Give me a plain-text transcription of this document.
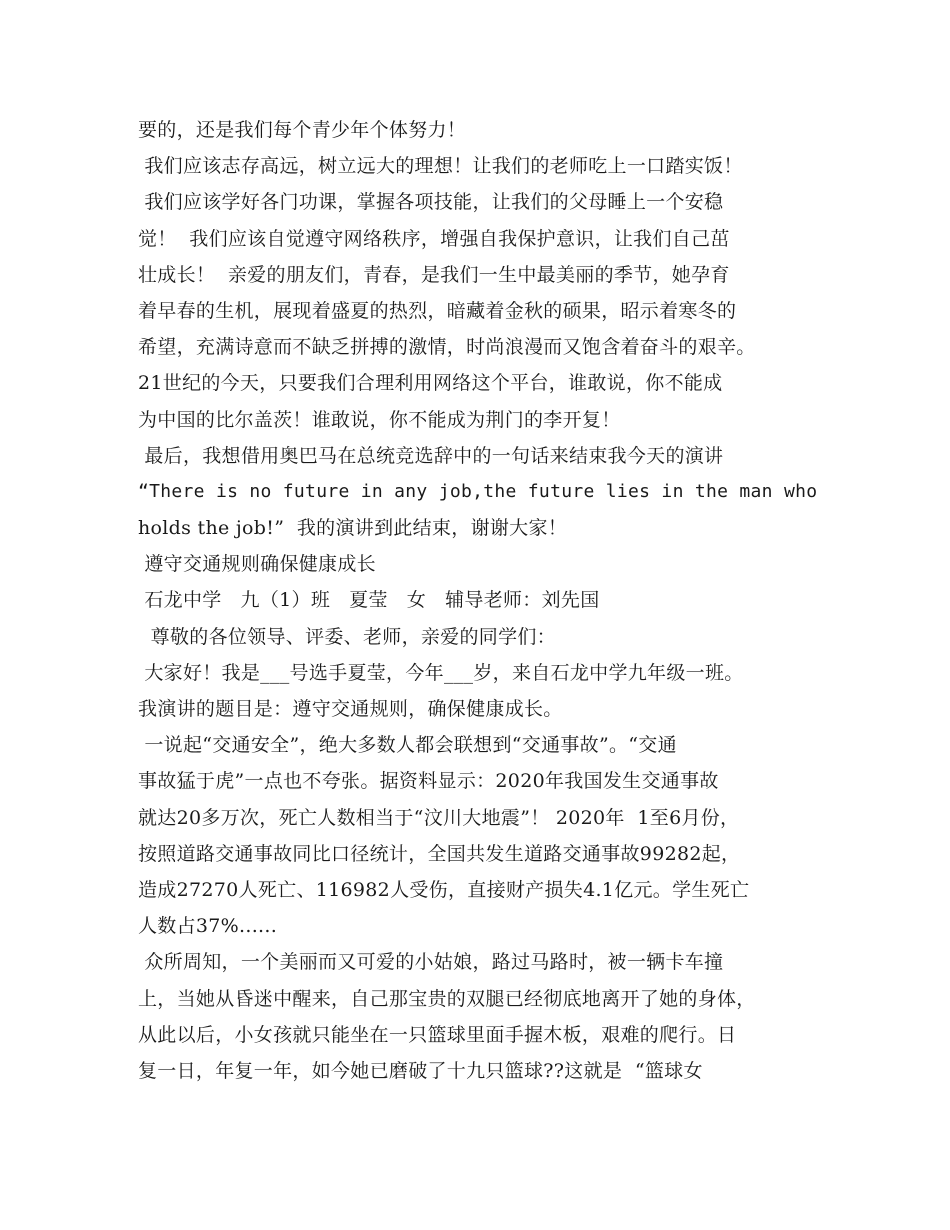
要的，还是我们每个青少年个体努力！
我们应该志存高远，树立远大的理想！让我们的老师吃上一口踏实饭！
我们应该学好各门功课，掌握各项技能，让我们的父母睡上一个安稳
觉！  我们应该自觉遵守网络秩序，增强自我保护意识，让我们自己茁
壮成长！  亲爱的朋友们，青春，是我们一生中最美丽的季节，她孕育
着早春的生机，展现着盛夏的热烈，暗藏着金秋的硕果，昭示着寒冬的
希望，充满诗意而不缺乏拼搏的激情，时尚浪漫而又饱含着奋斗的艰辛。
21世纪的今天，只要我们合理利用网络这个平台，谁敢说，你不能成
为中国的比尔盖茨！谁敢说，你不能成为荆门的李开复！
最后，我想借用奥巴马在总统竞选辞中的一句话来结束我今天的演讲
“There is no future in any job,the future lies in the man who
holds the job!”  我的演讲到此结束，谢谢大家！
遵守交通规则确保健康成长
石龙中学   九（1）班   夏莹   女   辅导老师：刘先国
尊敬的各位领导、评委、老师，亲爱的同学们：
大家好！我是___号选手夏莹，今年___岁，来自石龙中学九年级一班。
我演讲的题目是：遵守交通规则，确保健康成长。
一说起“交通安全”，绝大多数人都会联想到“交通事故”。“交通
事故猛于虎”一点也不夸张。据资料显示：2020年我国发生交通事故
就达20多万次，死亡人数相当于“汶川大地震”！ 2020年  1至6月份，
按照道路交通事故同比口径统计，全国共发生道路交通事故99282起，
造成27270人死亡、116982人受伤，直接财产损失4.1亿元。学生死亡
人数占37%......
众所周知，一个美丽而又可爱的小姑娘，路过马路时，被一辆卡车撞
上，当她从昏迷中醒来，自己那宝贵的双腿已经彻底地离开了她的身体，
从此以后，小女孩就只能坐在一只篮球里面手握木板，艰难的爬行。日
复一日，年复一年，如今她已磨破了十九只篮球??这就是  “篮球女
